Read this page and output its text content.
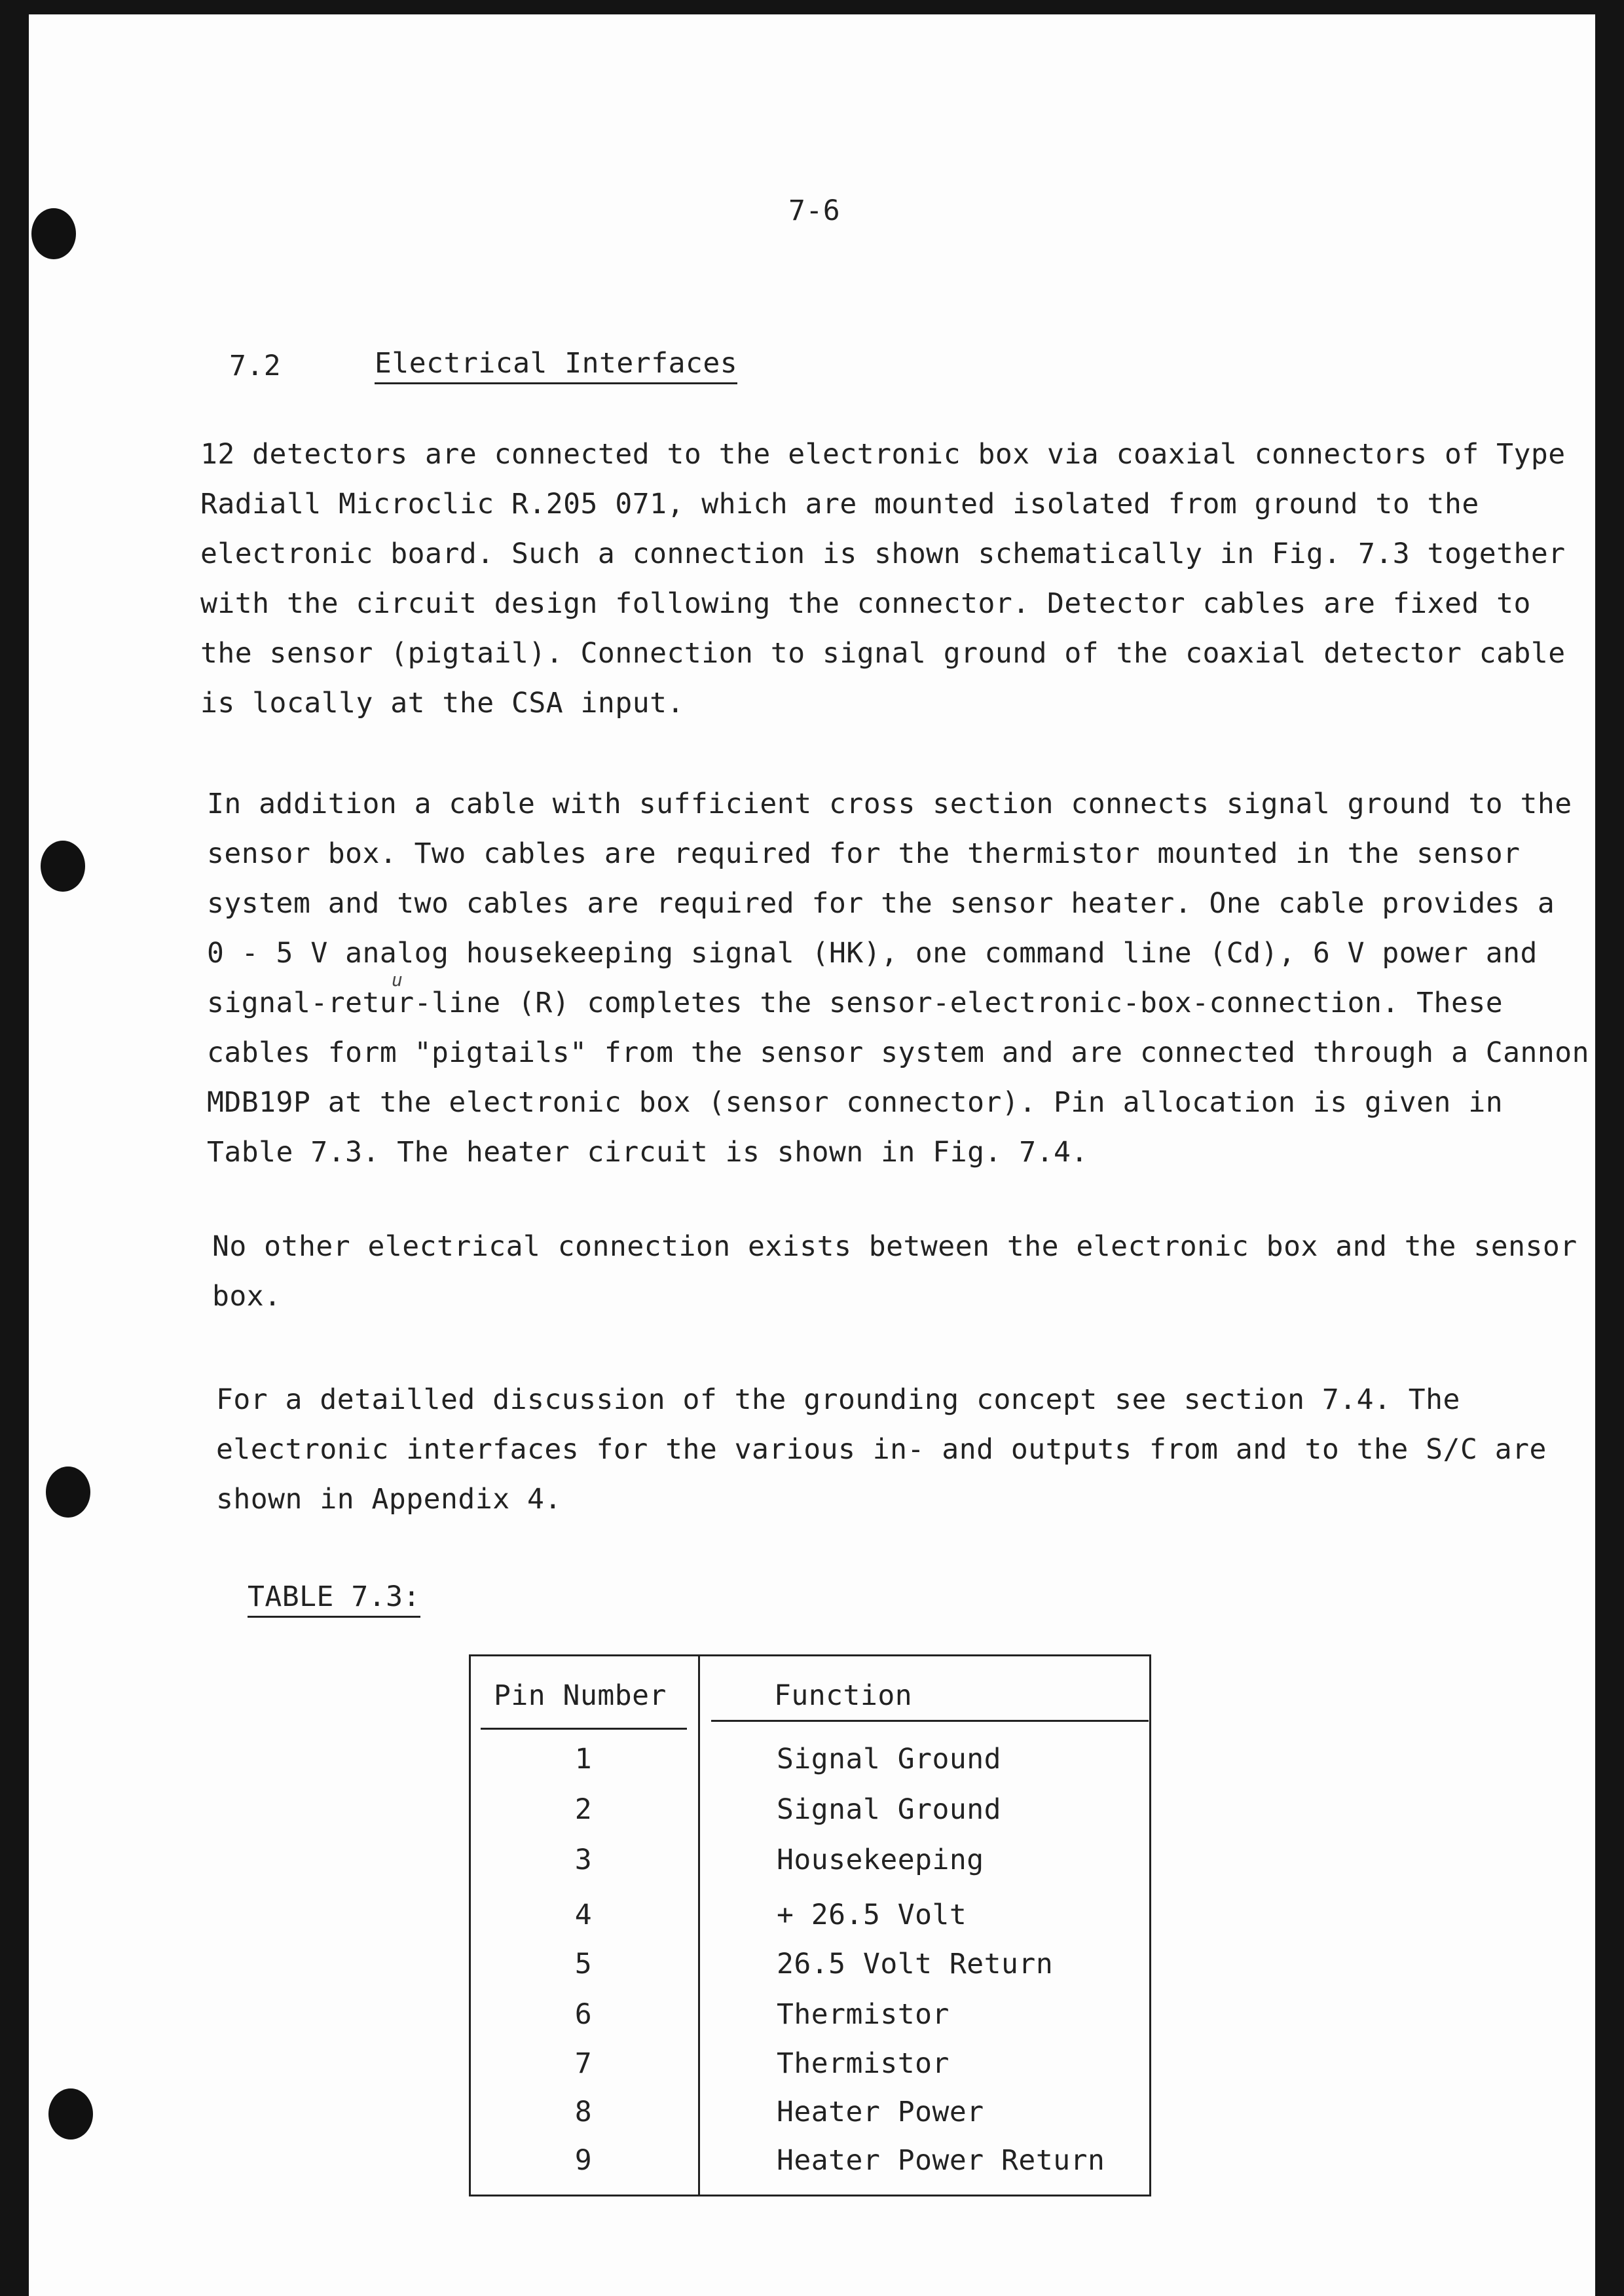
7-6
7.2	Electrical Interfaces
12 detectors are connected to the electronic box via coaxial connectors of Type
Radiall Microclic R.205 071, which are mounted isolated from ground to the
electronic board. Such a connection is shown schematically in Fig. 7.3 together
with the circuit design following the connector. Detector cables are fixed to
the sensor (pigtail). Connection to signal ground of the coaxial detector cable
is locally at the CSA input.
In addition a cable with sufficient cross section connects signal ground to the
sensor box. Two cables are required for the thermistor mounted in the sensor
system and two cables are required for the sensor heater. One cable provides a
0 - 5 V analog housekeeping signal (HK), one command line (Cd), 6 V power and
signal-retur-line (R) completes the sensor-electronic-box-connection. These
cables form "pigtails" from the sensor system and are connected through a Cannon
MDB19P at the electronic box (sensor connector). Pin allocation is given in
Table 7.3. The heater circuit is shown in Fig. 7.4.
u
No other electrical connection exists between the electronic box and the sensor
box.
For a detailled discussion of the grounding concept see section 7.4. The
electronic interfaces for the various in- and outputs from and to the S/C are
shown in Appendix 4.
TABLE 7.3:
Pin Number	Function
1	Signal Ground
2	Signal Ground
3	Housekeeping
4	+ 26.5 Volt
5	26.5 Volt Return
6	Thermistor
7	Thermistor
8	Heater Power
9	Heater Power Return
